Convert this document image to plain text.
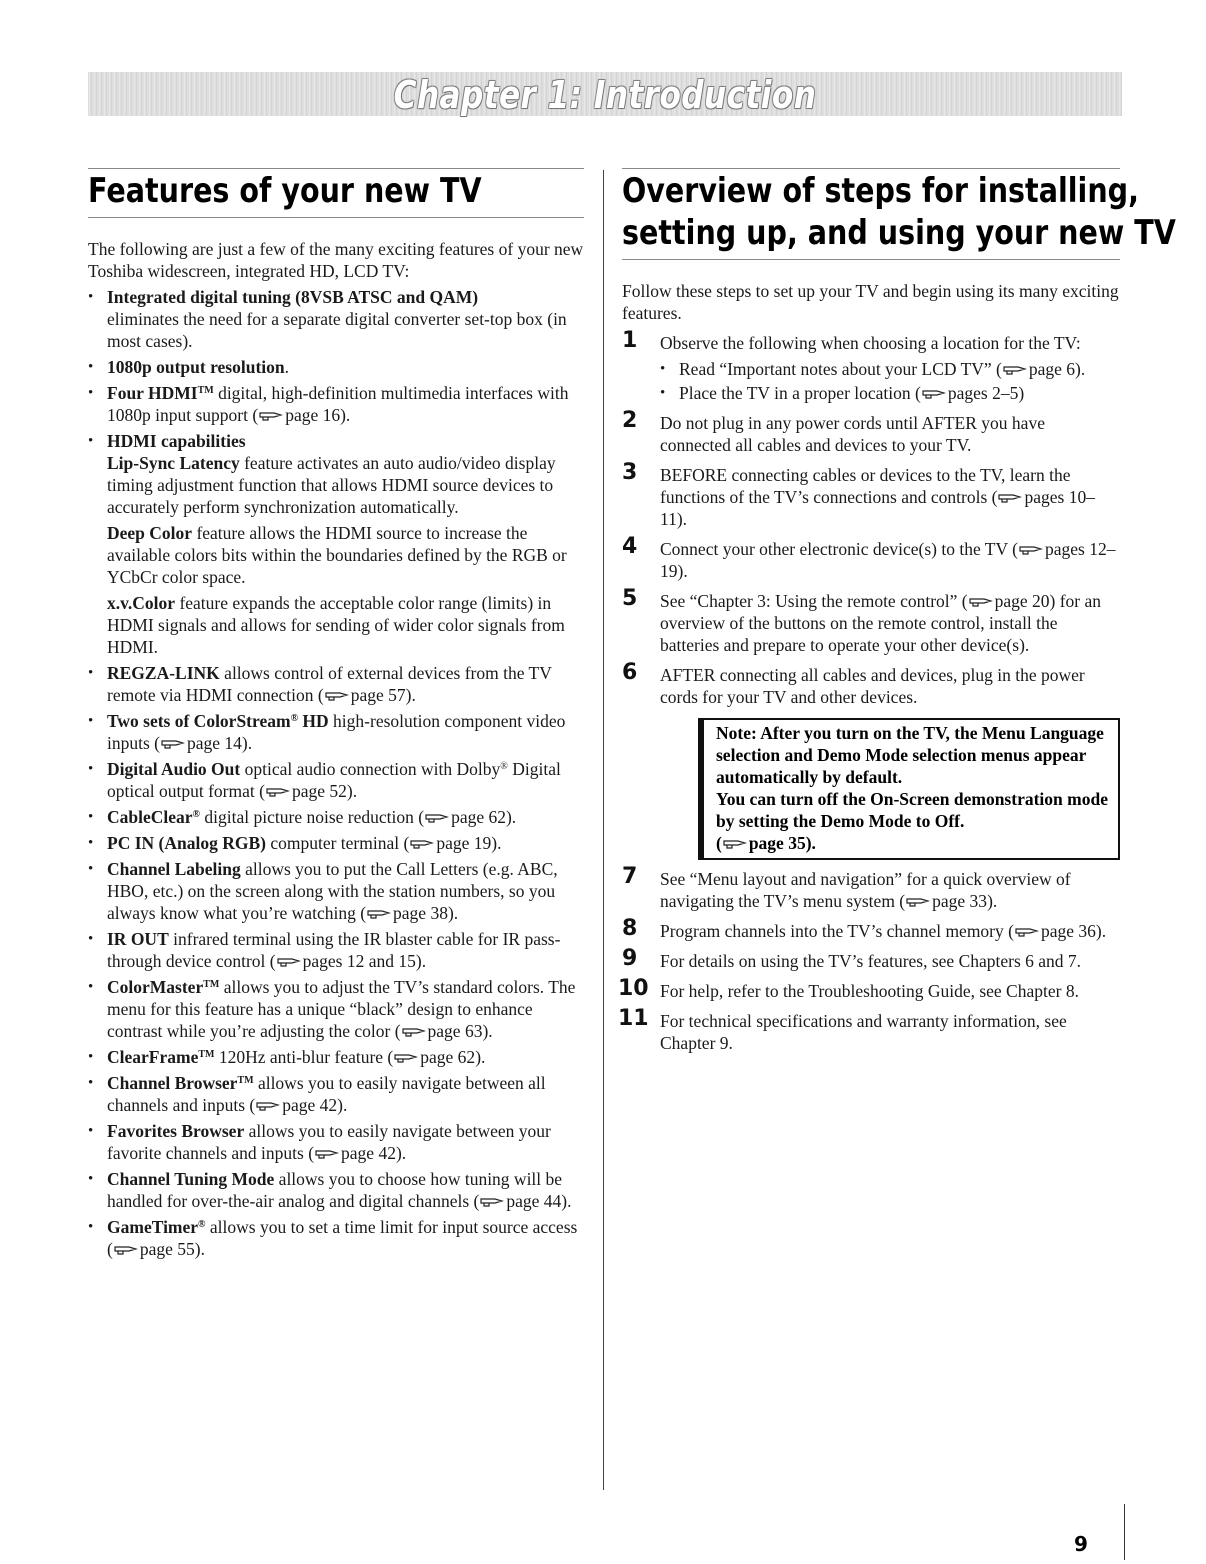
Chapter 1: Introduction
Features of your new TV

The following are just a few of the many exciting features of your new Toshiba widescreen, integrated HD, LCD TV:

• Integrated digital tuning (8VSB ATSC and QAM)
eliminates the need for a separate digital converter set-top box (in most cases).
• 1080p output resolution.
• Four HDMI™ digital, high-definition multimedia interfaces with 1080p input support ( page 16).
• HDMI capabilities
Lip-Sync Latency feature activates an auto audio/video display timing adjustment function that allows HDMI source devices to accurately perform synchronization automatically.
Deep Color feature allows the HDMI source to increase the available colors bits within the boundaries defined by the RGB or YCbCr color space.
x.v.Color feature expands the acceptable color range (limits) in HDMI signals and allows for sending of wider color signals from HDMI.
• REGZA-LINK allows control of external devices from the TV remote via HDMI connection ( page 57).
• Two sets of ColorStream® HD high-resolution component video inputs ( page 14).
• Digital Audio Out optical audio connection with Dolby® Digital optical output format ( page 52).
• CableClear® digital picture noise reduction ( page 62).
• PC IN (Analog RGB) computer terminal ( page 19).
• Channel Labeling allows you to put the Call Letters (e.g. ABC, HBO, etc.) on the screen along with the station numbers, so you always know what you’re watching ( page 38).
• IR OUT infrared terminal using the IR blaster cable for IR pass-through device control ( pages 12 and 15).
• ColorMaster™ allows you to adjust the TV’s standard colors. The menu for this feature has a unique “black” design to enhance contrast while you’re adjusting the color ( page 63).
• ClearFrame™ 120Hz anti-blur feature ( page 62).
• Channel Browser™ allows you to easily navigate between all channels and inputs ( page 42).
• Favorites Browser allows you to easily navigate between your favorite channels and inputs ( page 42).
• Channel Tuning Mode allows you to choose how tuning will be handled for over-the-air analog and digital channels ( page 44).
• GameTimer® allows you to set a time limit for input source access ( page 55).
Overview of steps for installing,
setting up, and using your new TV

Follow these steps to set up your TV and begin using its many exciting features.

1 Observe the following when choosing a location for the TV:
• Read “Important notes about your LCD TV” ( page 6).
• Place the TV in a proper location ( pages 2–5)
2 Do not plug in any power cords until AFTER you have connected all cables and devices to your TV.
3 BEFORE connecting cables or devices to the TV, learn the functions of the TV’s connections and controls ( pages 10–11).
4 Connect your other electronic device(s) to the TV ( pages 12–19).
5 See “Chapter 3: Using the remote control” ( page 20) for an overview of the buttons on the remote control, install the batteries and prepare to operate your other device(s).
6 AFTER connecting all cables and devices, plug in the power cords for your TV and other devices.
Note: After you turn on the TV, the Menu Language selection and Demo Mode selection menus appear automatically by default.
You can turn off the On-Screen demonstration mode by setting the Demo Mode to Off.
( page 35).
7 See “Menu layout and navigation” for a quick overview of navigating the TV’s menu system ( page 33).
8 Program channels into the TV’s channel memory ( page 36).
9 For details on using the TV’s features, see Chapters 6 and 7.
10 For help, refer to the Troubleshooting Guide, see Chapter 8.
11 For technical specifications and warranty information, see Chapter 9.
9
